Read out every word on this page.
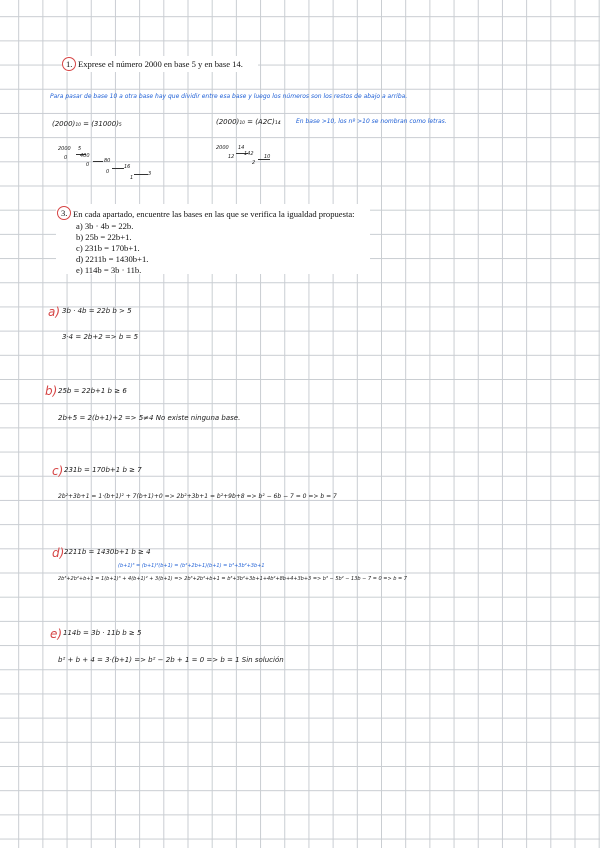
1. Exprese el número 2000 en base 5 y en base 14.
Para pasar de base 10 a otra base hay que dividir entre esa base y luego los números son los restos de abajo a arriba.
(2000)₁₀ = (31000)₅	(2000)₁₀ = (A2C)₁₄	En base >10, los nº >10 se nombran como letras.
2000 5
0	400
0
80
0
16
1
3
2000 14
12 142
2
10
3. En cada apartado, encuentre las bases en las que se verifica la igualdad propuesta:
a) 3b · 4b = 22b.
b) 25b = 22b+1.
c) 231b = 170b+1.
d) 2211b = 1430b+1.
e) 114b = 3b · 11b.
a) 3b · 4b = 22b b > 5
3·4 = 2b+2 => b = 5
b) 25b = 22b+1 b ≥ 6
2b+5 = 2(b+1)+2 => 5≠4 No existe ninguna base.
c) 231b = 170b+1 b ≥ 7
2b²+3b+1 = 1·(b+1)² + 7(b+1)+0 => 2b²+3b+1 = b²+9b+8 => b² − 6b − 7 = 0 => b = 7
d) 2211b = 1430b+1 b ≥ 4
(b+1)³ = (b+1)²(b+1) = (b²+2b+1)(b+1) = b³+3b²+3b+1
2b³+2b²+b+1 = 1(b+1)³ + 4(b+1)² + 3(b+1) => 2b³+2b²+b+1 = b³+3b²+3b+1+4b²+8b+4+3b+3 => b³ − 5b² − 13b − 7 = 0 => b = 7
e) 114b = 3b · 11b b ≥ 5
b² + b + 4 = 3·(b+1) => b² − 2b + 1 = 0 => b = 1 Sin solución
